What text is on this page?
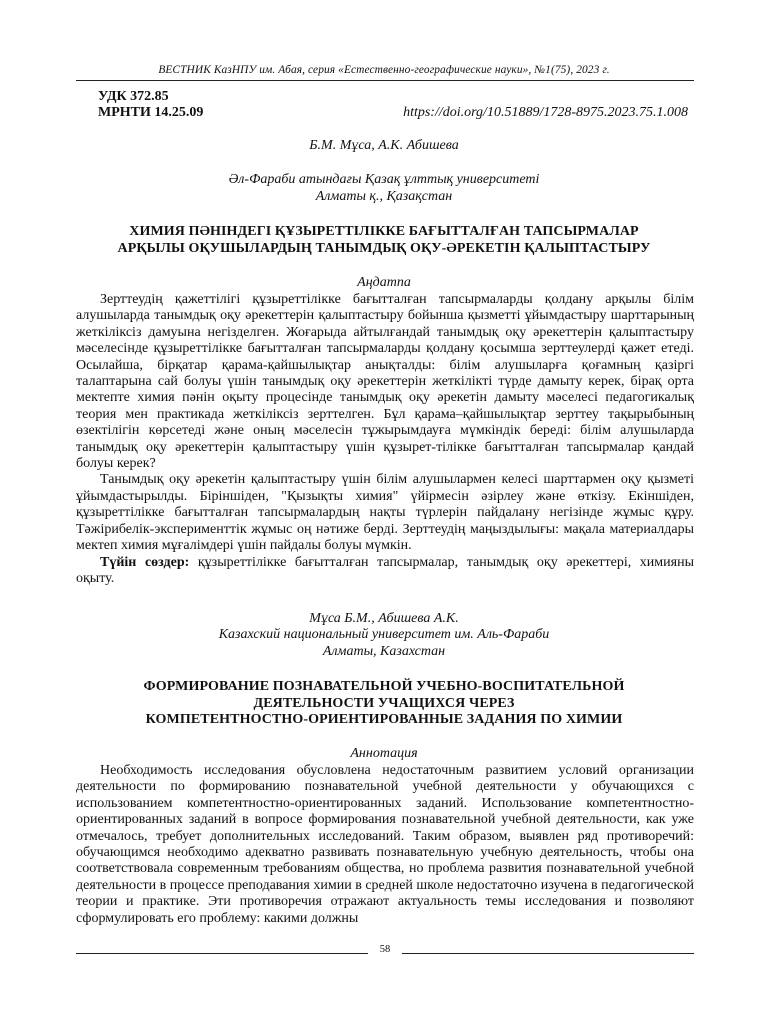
ВЕСТНИК КазНПУ им. Абая, серия «Естественно-географические науки», №1(75), 2023 г.
УДК 372.85
МРНТИ 14.25.09	https://doi.org/10.51889/1728-8975.2023.75.1.008
Б.М. Мұса, А.К. Абишева
Әл-Фараби атындағы Қазақ ұлттық университеті
Алматы қ., Қазақстан
ХИМИЯ ПӘНІНДЕГІ ҚҰЗЫРЕТТІЛІККЕ БАҒЫТТАЛҒАН ТАПСЫРМАЛАР
АРҚЫЛЫ ОҚУШЫЛАРДЫҢ ТАНЫМДЫҚ ОҚУ-ӘРЕКЕТІН ҚАЛЫПТАСТЫРУ
Аңдатпа

Зерттеудің қажеттілігі құзыреттілікке бағытталған тапсырмаларды қолдану арқылы білім алушыларда танымдық оқу әрекеттерін қалыптастыру бойынша қызметті ұйымдастыру шарттарының жеткіліксіз дамуына негізделген. Жоғарыда айтылғандай танымдық оқу әрекеттерін қалыптастыру мәселесінде құзыреттілікке бағытталған тапсырмаларды қолдану қосымша зерттеулерді қажет етеді. Осылайша, бірқатар қарама-қайшылықтар анықталды: білім алушыларға қоғамның қазіргі талаптарына сай болуы үшін танымдық оқу әрекеттерін жеткілікті түрде дамыту керек, бірақ орта мектепте химия пәнін оқыту процесінде танымдық оқу әрекетін дамыту мәселесі педагогикалық теория мен практикада жеткіліксіз зерттелген. Бұл қарама–қайшылықтар зерттеу тақырыбының өзектілігін көрсетеді және оның мәселесін тұжырымдауға мүмкіндік береді: білім алушыларда танымдық оқу әрекеттерін қалыптастыру үшін құзырет-тілікке бағытталған тапсырмалар қандай болуы керек?

Танымдық оқу әрекетін қалыптастыру үшін білім алушылармен келесі шарттармен оқу қызметі ұйымдастырылды. Біріншіден, "Қызықты химия" үйірмесін әзірлеу және өткізу. Екіншіден, құзыреттілікке бағытталған тапсырмалардың нақты түрлерін пайдалану негізінде жұмыс құру. Тәжірибелік-эксперименттік жұмыс оң нәтиже берді. Зерттеудің маңыздылығы: мақала материалдары мектеп химия мұғалімдері үшін пайдалы болуы мүмкін.

Түйін сөздер: құзыреттілікке бағытталған тапсырмалар, танымдық оқу әрекеттері, химияны оқыту.

Мұса Б.М., Абишева А.К.
Казахский национальный университет им. Аль-Фараби
Алматы, Казахстан
ФОРМИРОВАНИЕ ПОЗНАВАТЕЛЬНОЙ УЧЕБНО-ВОСПИТАТЕЛЬНОЙ
ДЕЯТЕЛЬНОСТИ УЧАЩИХСЯ ЧЕРЕЗ
КОМПЕТЕНТНОСТНО-ОРИЕНТИРОВАННЫЕ ЗАДАНИЯ ПО ХИМИИ
Аннотация

Необходимость исследования обусловлена недостаточным развитием условий организации деятельности по формированию познавательной учебной деятельности у обучающихся с использованием компетентностно-ориентированных заданий. Использование компетентностно-ориентированных заданий в вопросе формирования познавательной учебной деятельности, как уже отмечалось, требует дополнительных исследований. Таким образом, выявлен ряд противоречий: обучающимся необходимо адекватно развивать познавательную учебную деятельность, чтобы она соответствовала современным требованиям общества, но проблема развития познавательной учебной деятельности в процессе преподавания химии в средней школе недостаточно изучена в педагогической теории и практике. Эти противоречия отражают актуальность темы исследования и позволяют сформулировать его проблему: какими должны

58
